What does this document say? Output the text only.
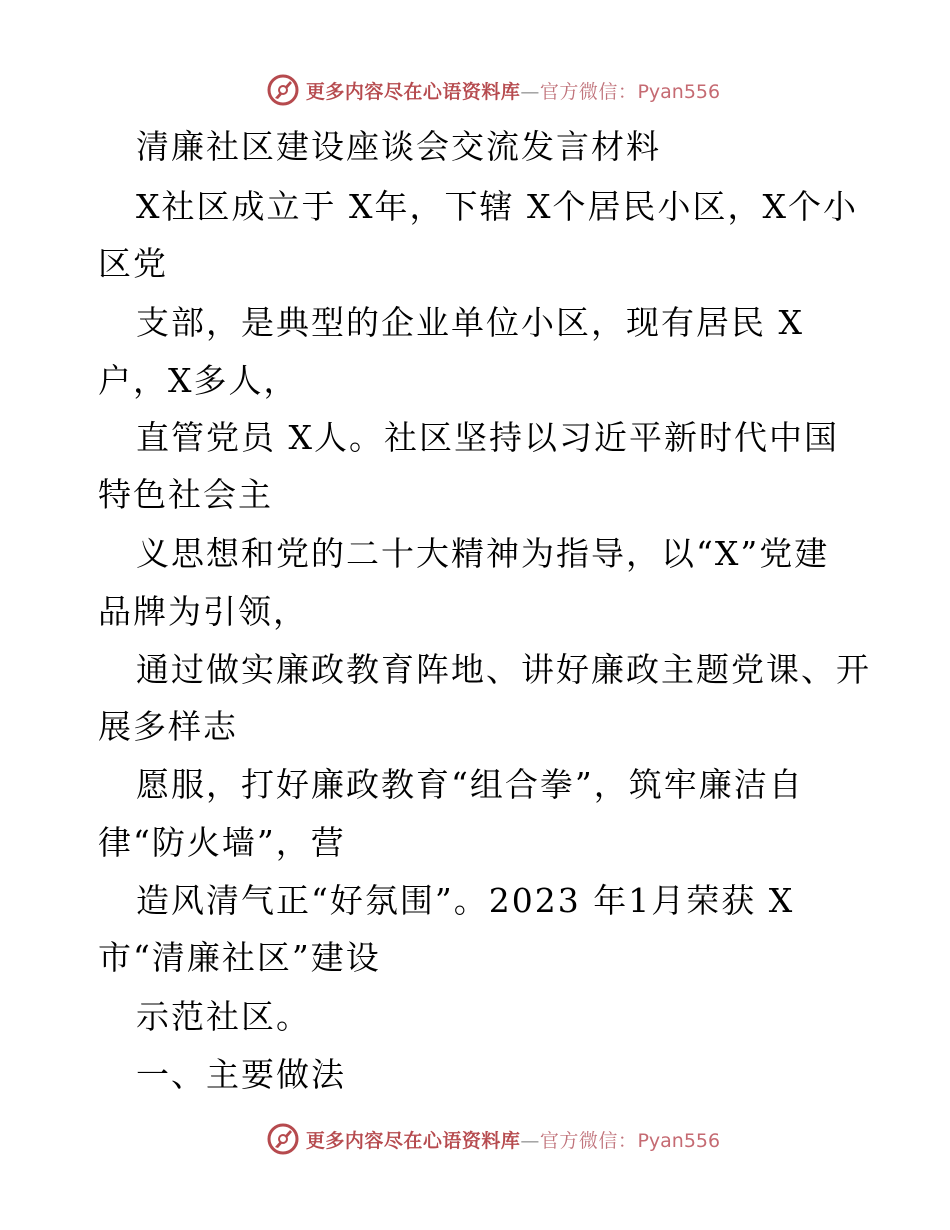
更多内容尽在心语资料库—官方微信：Pyan556
清廉社区建设座谈会交流发言材料
X社区成立于 X年，下辖 X个居民小区，X个小
区党
支部，是典型的企业单位小区，现有居民 X
户，X多人，
直管党员 X人。社区坚持以习近平新时代中国
特色社会主
义思想和党的二十大精神为指导，以“X”党建
品牌为引领，
通过做实廉政教育阵地、讲好廉政主题党课、开
展多样志
愿服，打好廉政教育“组合拳”，筑牢廉洁自
律“防火墙”，营
造风清气正“好氛围”。2023 年1月荣获 X
市“清廉社区”建设
示范社区。
一、主要做法
更多内容尽在心语资料库—官方微信：Pyan556
